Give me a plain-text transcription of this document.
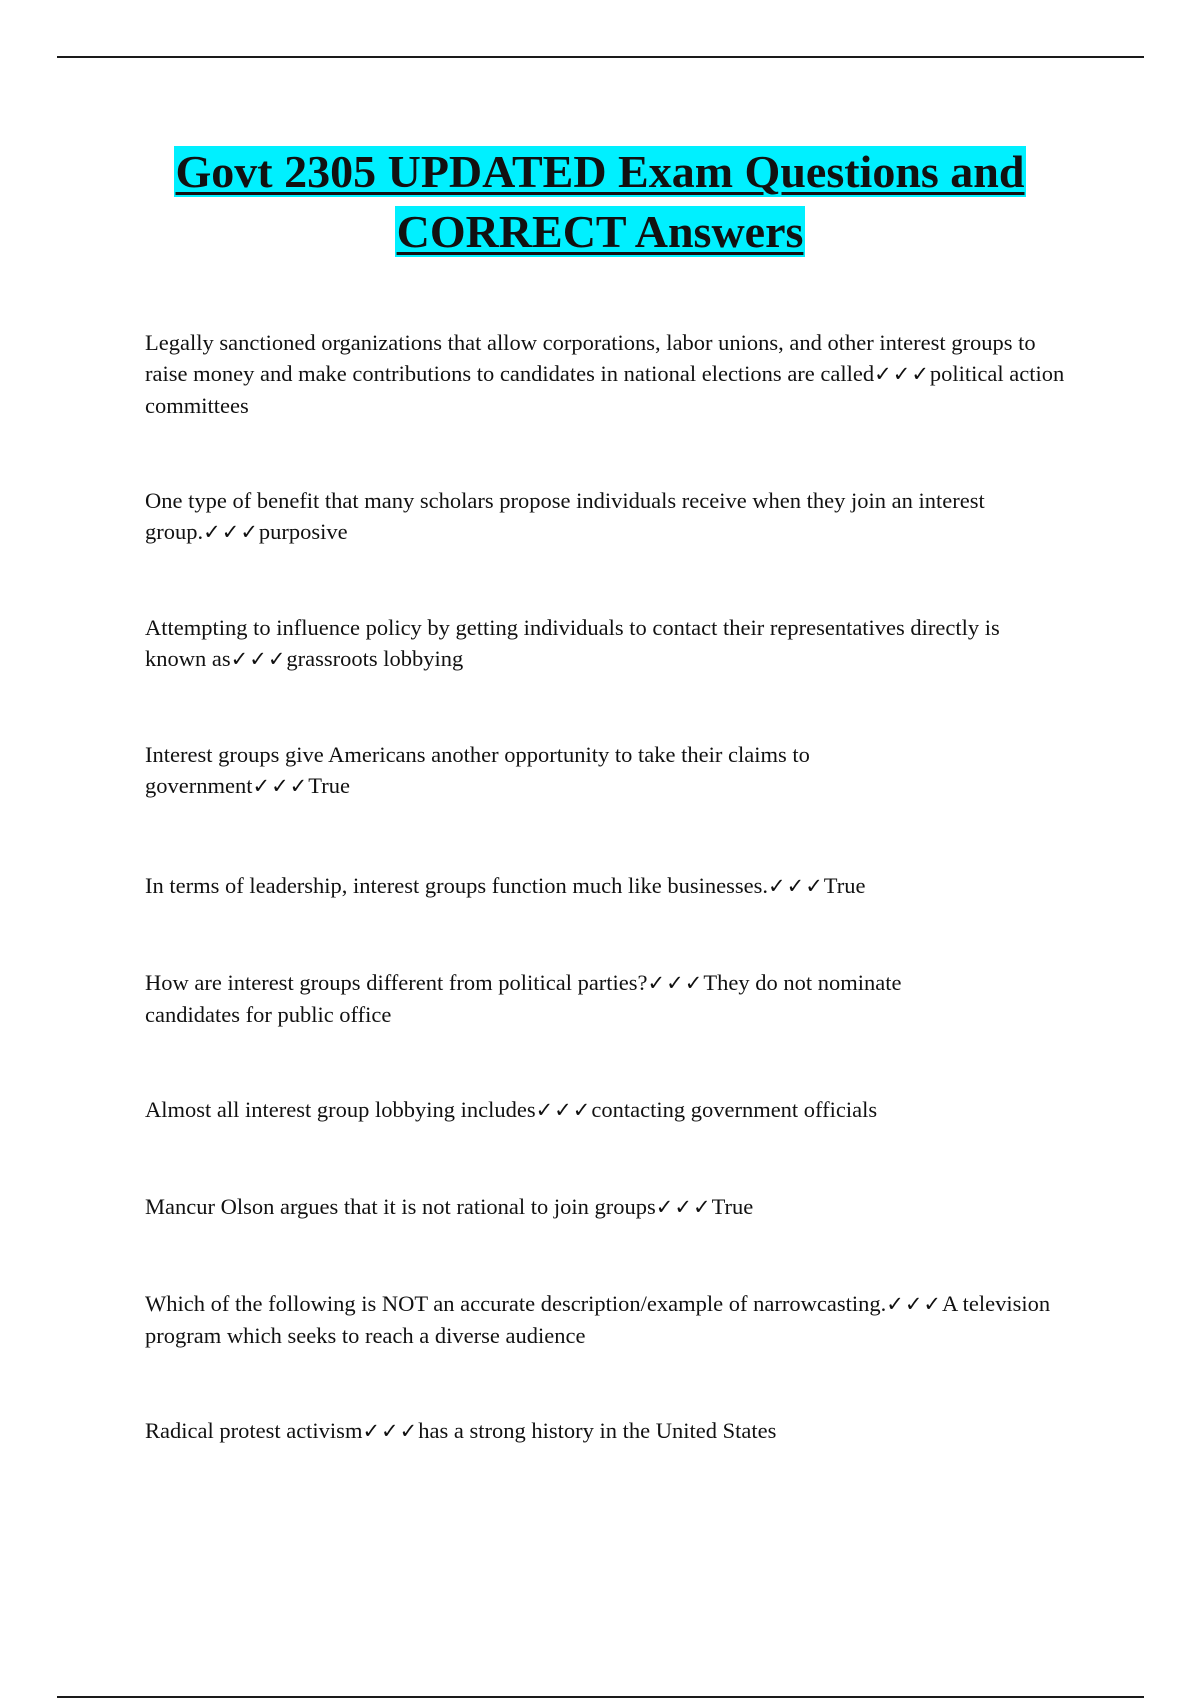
Govt 2305 UPDATED Exam Questions and
CORRECT Answers

Legally sanctioned organizations that allow corporations, labor unions, and other interest groups to raise money and make contributions to candidates in national elections are called✓✓✓political action committees

One type of benefit that many scholars propose individuals receive when they join an interest group.✓✓✓purposive

Attempting to influence policy by getting individuals to contact their representatives directly is known as✓✓✓grassroots lobbying

Interest groups give Americans another opportunity to take their claims to government✓✓✓True

In terms of leadership, interest groups function much like businesses.✓✓✓True

How are interest groups different from political parties?✓✓✓They do not nominate candidates for public office

Almost all interest group lobbying includes✓✓✓contacting government officials

Mancur Olson argues that it is not rational to join groups✓✓✓True

Which of the following is NOT an accurate description/example of narrowcasting.✓✓✓A television program which seeks to reach a diverse audience

Radical protest activism✓✓✓has a strong history in the United States
